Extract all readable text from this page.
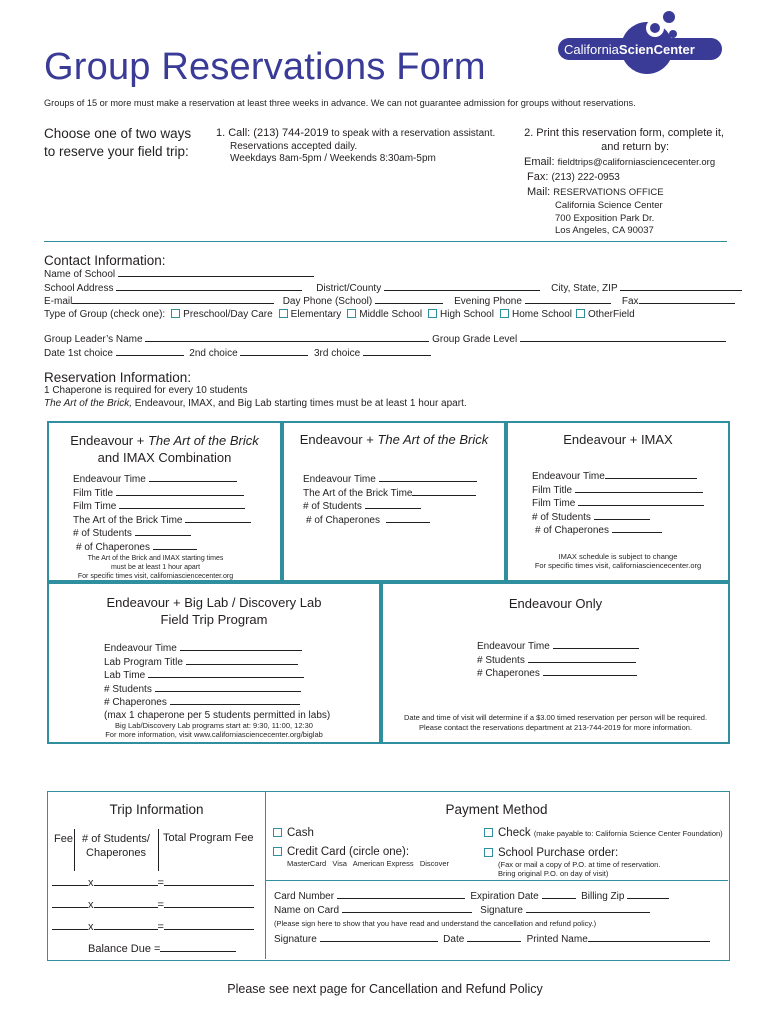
Group Reservations Form	CaliforniaScienCenter
Groups of 15 or more must make a reservation at least three weeks in advance. We can not guarantee admission for groups without reservations.
Choose one of two ways
to reserve your field trip:
1. Call: (213) 744-2019 to speak with a reservation assistant.
Reservations accepted daily.
Weekdays 8am-5pm / Weekends 8:30am-5pm
2. Print this reservation form, complete it,
and return by:
Email: fieldtrips@californiasciencecenter.org
Fax: (213) 222-0953
Mail: RESERVATIONS OFFICE
California Science Center
700 Exposition Park Dr.
Los Angeles, CA 90037
Contact Information:
Name of School
School Address	District/County	City, State, ZIP
E-mail	Day Phone (School)	Evening Phone	Fax
Type of Group (check one): Preschool/Day Care Elementary Middle School High School Home School OtherField
Group Leader’s Name	Group Grade Level
Date 1st choice	2nd choice	3rd choice
Reservation Information:
1 Chaperone is required for every 10 students
The Art of the Brick, Endeavour, IMAX, and Big Lab starting times must be at least 1 hour apart.
Endeavour + The Art of the Brick
and IMAX Combination
Endeavour Time
Film Title
Film Time
The Art of the Brick Time
# of Students
# of Chaperones
The Art of the Brick and IMAX starting times
must be at least 1 hour apart
For specific times visit, californiasciencecenter.org
Endeavour + The Art of the Brick
Endeavour Time
The Art of the Brick Time
# of Students
# of Chaperones
Endeavour + IMAX
Endeavour Time
Film Title
Film Time
# of Students
# of Chaperones
IMAX schedule is subject to change
For specific times visit, californiasciencecenter.org
Endeavour + Big Lab / Discovery Lab
Field Trip Program
Endeavour Time
Lab Program Title
Lab Time
# Students
# Chaperones
(max 1 chaperone per 5 students permitted in labs)
Big Lab/Discovery Lab programs start at: 9:30, 11:00, 12:30
For more information, visit www.californiasciencecenter.org/biglab
Endeavour Only
Endeavour Time
# Students
# Chaperones
Date and time of visit will determine if a $3.00 timed reservation per person will be required.
Please contact the reservations department at 213-744-2019 for more information.
Trip Information
Fee # of Students/
Chaperones
Total Program Fee
x	=
x	=
x	=
Balance Due =
Payment Method
Cash
Credit Card (circle one):
MasterCard   Visa   American Express   Discover
Check (make payable to: California Science Center Foundation)
School Purchase order:
(Fax or mail a copy of P.O. at time of reservation.
Bring original P.O. on day of visit)
Card Number	Expiration Date	Billing Zip
Name on Card	Signature
(Please sign here to show that you have read and understand the cancellation and refund policy.)
Signature	Date	Printed Name
Please see next page for Cancellation and Refund Policy
